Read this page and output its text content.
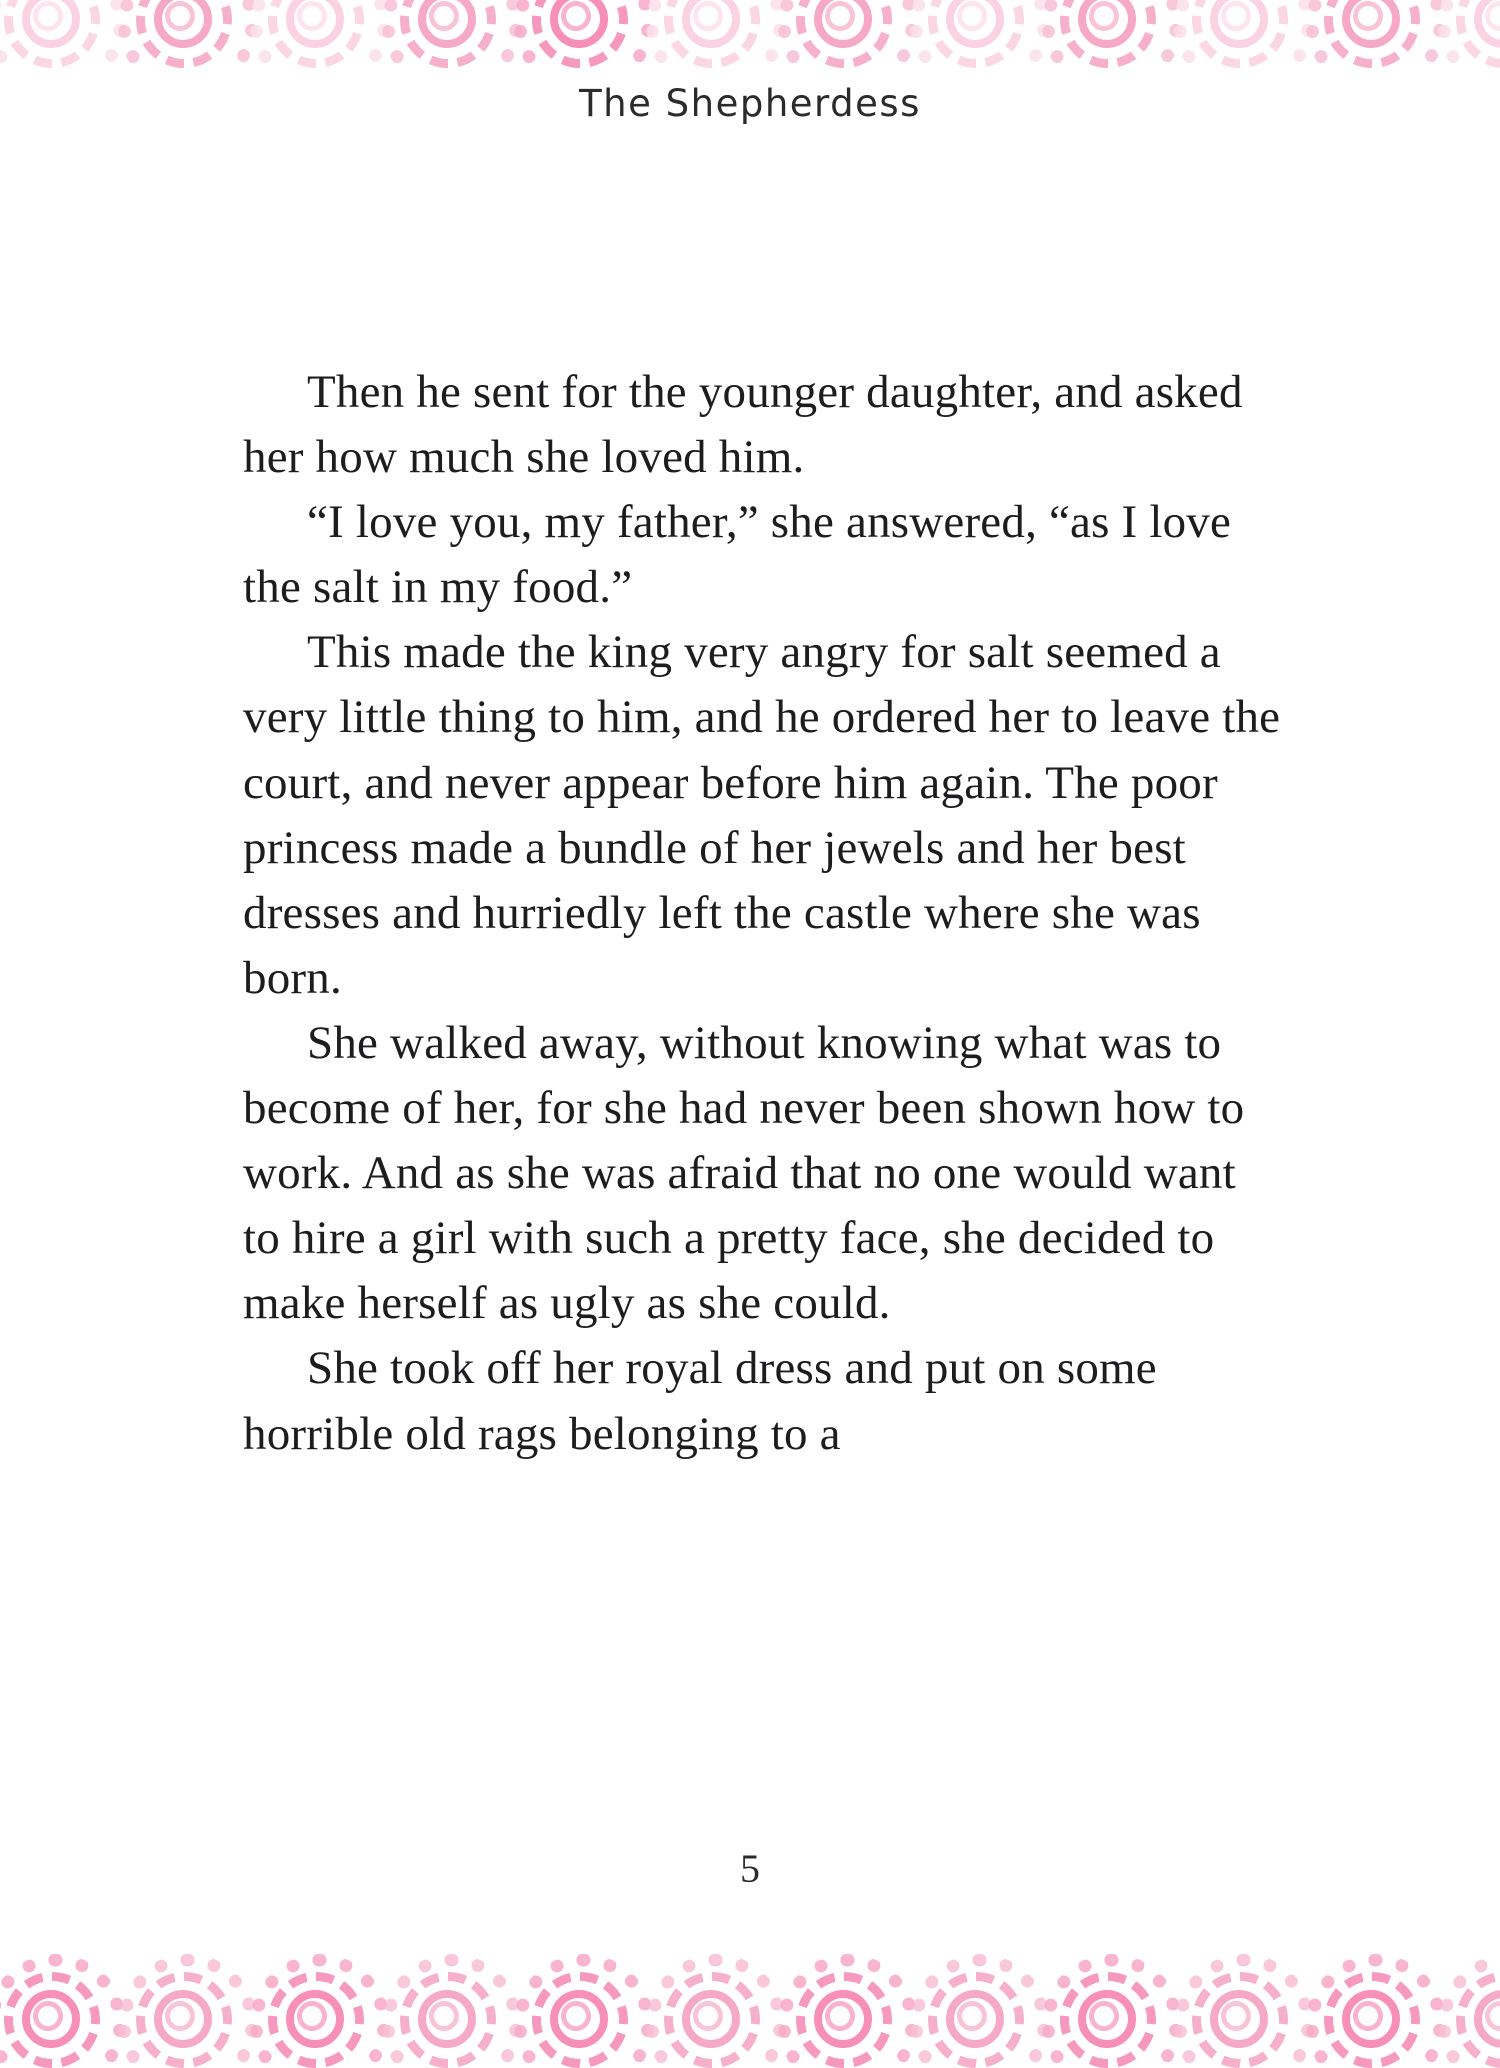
The Shepherdess

Then he sent for the younger daughter, and asked her how much she loved him.

“I love you, my father,” she answered, “as I love the salt in my food.”

This made the king very angry for salt seemed a very little thing to him, and he ordered her to leave the court, and never appear before him again. The poor princess made a bundle of her jewels and her best dresses and hurriedly left the castle where she was born.

She walked away, without knowing what was to become of her, for she had never been shown how to work. And as she was afraid that no one would want to hire a girl with such a pretty face, she decided to make herself as ugly as she could.

She took off her royal dress and put on some horrible old rags belonging to a

5
